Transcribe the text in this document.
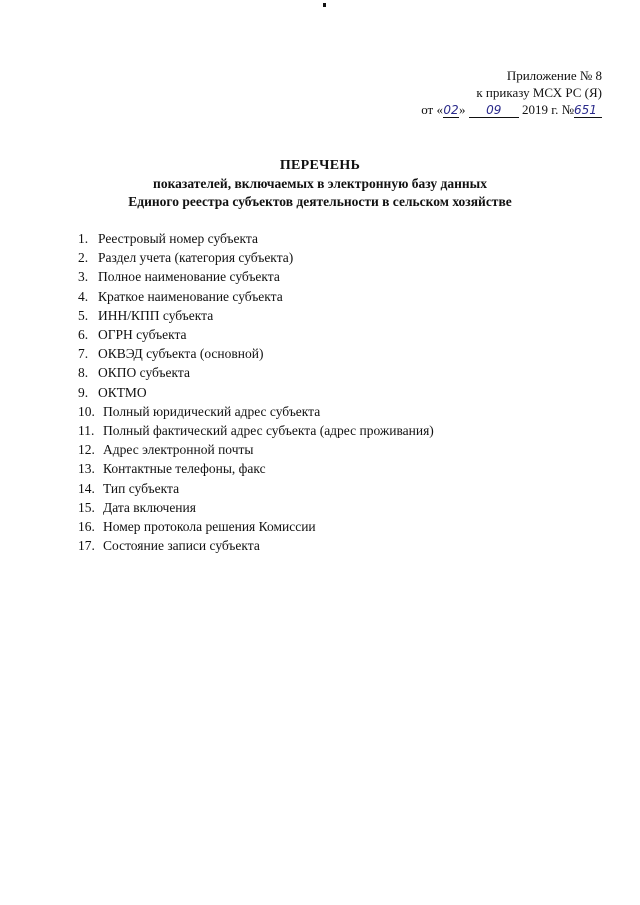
Приложение № 8
к приказу МСХ РС (Я)
от «02» 09 2019 г. №651
ПЕРЕЧЕНЬ
показателей, включаемых в электронную базу данных
Единого реестра субъектов деятельности в сельском хозяйстве
1. Реестровый номер субъекта
2. Раздел учета (категория субъекта)
3. Полное наименование субъекта
4. Краткое наименование субъекта
5. ИНН/КПП субъекта
6. ОГРН субъекта
7. ОКВЭД субъекта (основной)
8. ОКПО субъекта
9. ОКТМО
10. Полный юридический адрес субъекта
11. Полный фактический адрес субъекта (адрес проживания)
12. Адрес электронной почты
13. Контактные телефоны, факс
14. Тип субъекта
15. Дата включения
16. Номер протокола решения Комиссии
17. Состояние записи субъекта
